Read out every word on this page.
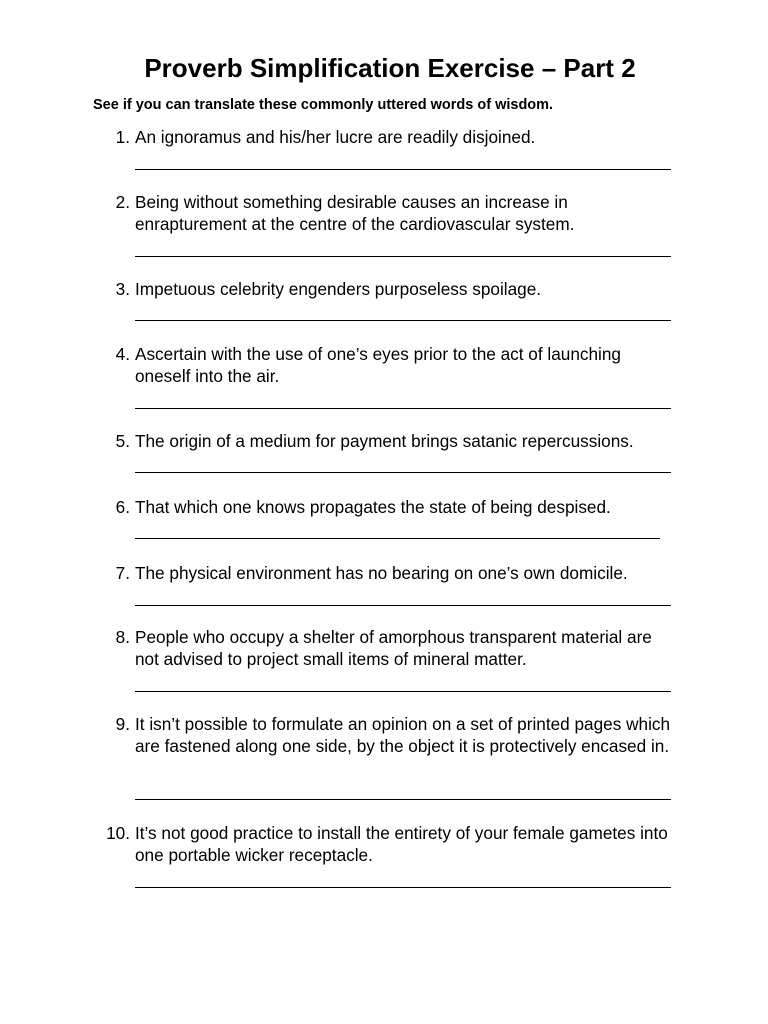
Proverb Simplification Exercise – Part 2
See if you can translate these commonly uttered words of wisdom.
1. An ignoramus and his/her lucre are readily disjoined.
2. Being without something desirable causes an increase in enrapturement at the centre of the cardiovascular system.
3. Impetuous celebrity engenders purposeless spoilage.
4. Ascertain with the use of one’s eyes prior to the act of launching oneself into the air.
5. The origin of a medium for payment brings satanic repercussions.
6. That which one knows propagates the state of being despised.
7. The physical environment has no bearing on one’s own domicile.
8. People who occupy a shelter of amorphous transparent material are not advised to project small items of mineral matter.
9. It isn’t possible to formulate an opinion on a set of printed pages which are fastened along one side, by the object it is protectively encased in.
10. It’s not good practice to install the entirety of your female gametes into one portable wicker receptacle.
